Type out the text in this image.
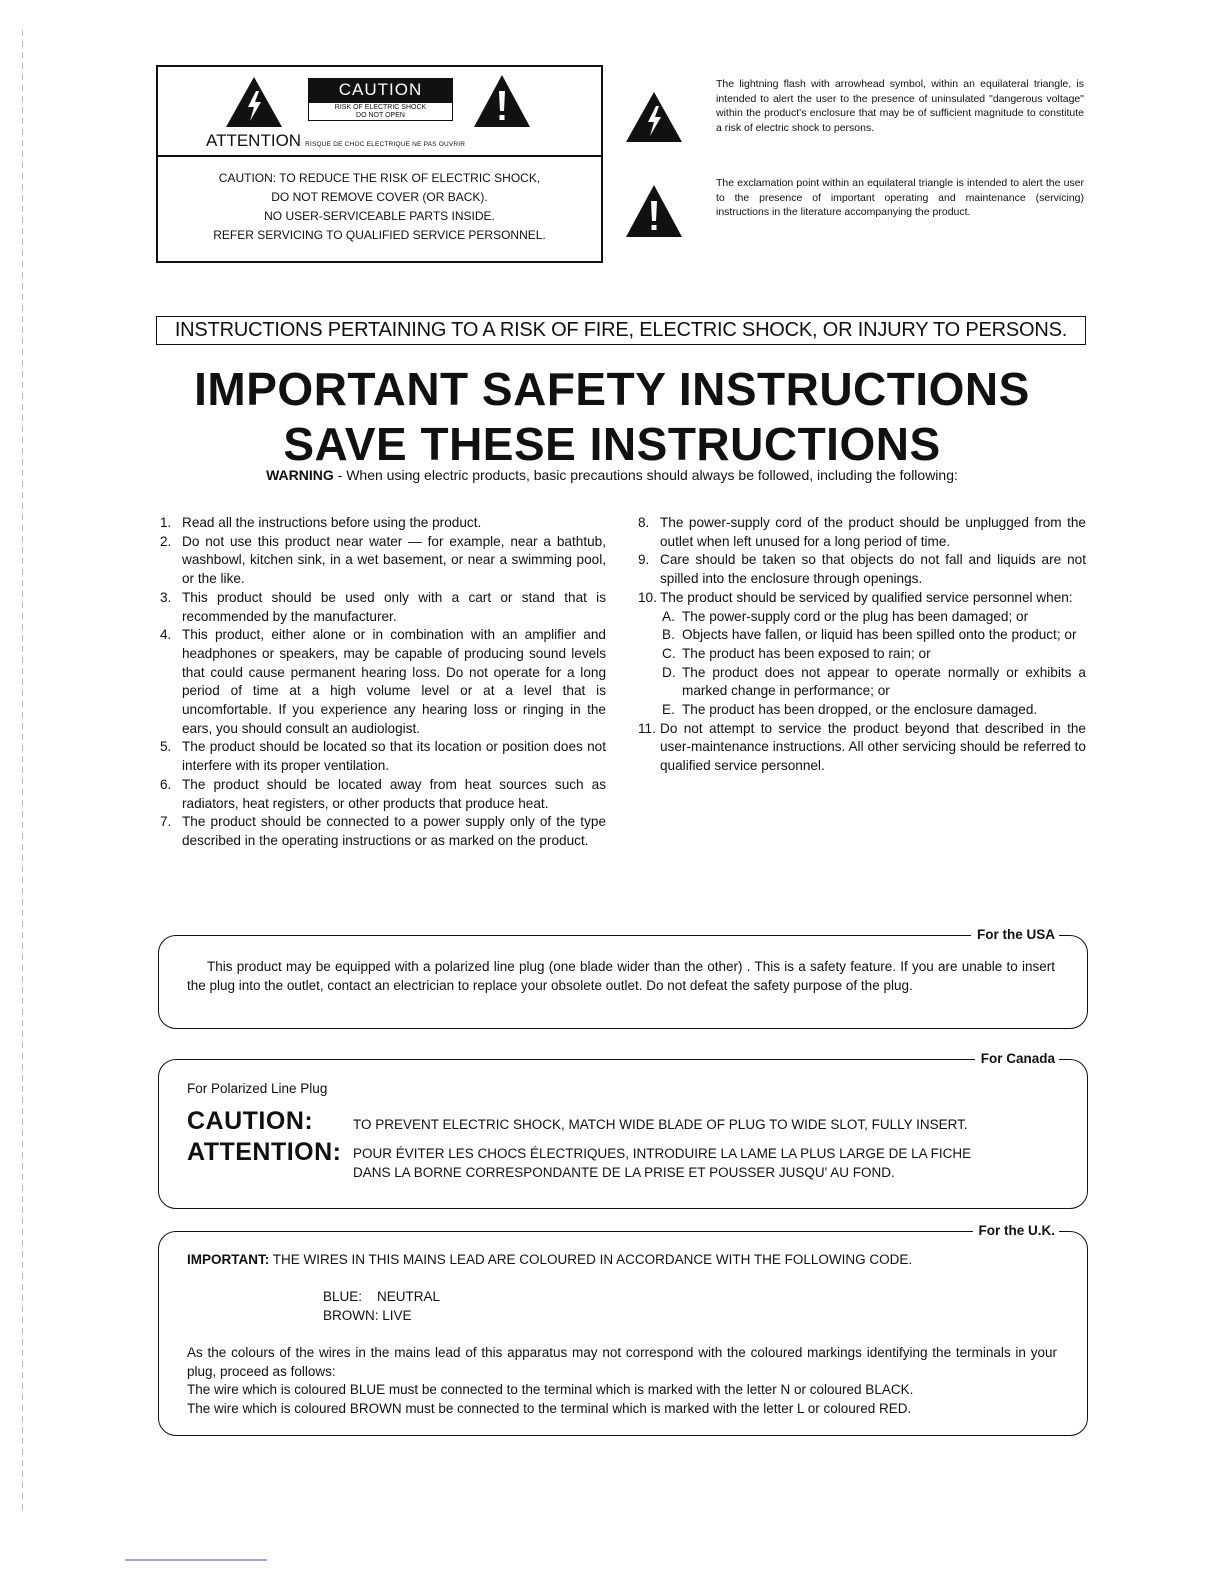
CAUTION
RISK OF ELECTRIC SHOCK
DO NOT OPEN
ATTENTION: RISQUE DE CHOC ELECTRIQUE NE PAS OUVRIR
CAUTION: TO REDUCE THE RISK OF ELECTRIC SHOCK,
DO NOT REMOVE COVER (OR BACK).
NO USER-SERVICEABLE PARTS INSIDE.
REFER SERVICING TO QUALIFIED SERVICE PERSONNEL.
The lightning flash with arrowhead symbol, within an equilateral triangle, is intended to alert the user to the presence of uninsulated "dangerous voltage" within the product's enclosure that may be of sufficient magnitude to constitute a risk of electric shock to persons.
The exclamation point within an equilateral triangle is intended to alert the user to the presence of important operating and maintenance (servicing) instructions in the literature accompanying the product.
INSTRUCTIONS PERTAINING TO A RISK OF FIRE, ELECTRIC SHOCK, OR INJURY TO PERSONS.
IMPORTANT SAFETY INSTRUCTIONS
SAVE THESE INSTRUCTIONS
WARNING - When using electric products, basic precautions should always be followed, including the following:
1. Read all the instructions before using the product.
2. Do not use this product near water — for example, near a bathtub, washbowl, kitchen sink, in a wet basement, or near a swimming pool, or the like.
3. This product should be used only with a cart or stand that is recommended by the manufacturer.
4. This product, either alone or in combination with an amplifier and headphones or speakers, may be capable of producing sound levels that could cause permanent hearing loss. Do not operate for a long period of time at a high volume level or at a level that is uncomfortable. If you experience any hearing loss or ringing in the ears, you should consult an audiologist.
5. The product should be located so that its location or position does not interfere with its proper ventilation.
6. The product should be located away from heat sources such as radiators, heat registers, or other products that produce heat.
7. The product should be connected to a power supply only of the type described in the operating instructions or as marked on the product.
8. The power-supply cord of the product should be unplugged from the outlet when left unused for a long period of time.
9. Care should be taken so that objects do not fall and liquids are not spilled into the enclosure through openings.
10. The product should be serviced by qualified service personnel when:
A. The power-supply cord or the plug has been damaged; or
B. Objects have fallen, or liquid has been spilled onto the product; or
C. The product has been exposed to rain; or
D. The product does not appear to operate normally or exhibits a marked change in performance; or
E. The product has been dropped, or the enclosure damaged.
11. Do not attempt to service the product beyond that described in the user-maintenance instructions. All other servicing should be referred to qualified service personnel.
For the USA

This product may be equipped with a polarized line plug (one blade wider than the other) . This is a safety feature. If you are unable to insert the plug into the outlet, contact an electrician to replace your obsolete outlet. Do not defeat the safety purpose of the plug.

For Canada

For Polarized Line Plug

CAUTION:	TO PREVENT ELECTRIC SHOCK, MATCH WIDE BLADE OF PLUG TO WIDE SLOT, FULLY INSERT.

ATTENTION: POUR ÉVITER LES CHOCS ÉLECTRIQUES, INTRODUIRE LA LAME LA PLUS LARGE DE LA FICHE

DANS LA BORNE CORRESPONDANTE DE LA PRISE ET POUSSER JUSQU' AU FOND.

For the U.K.

IMPORTANT: THE WIRES IN THIS MAINS LEAD ARE COLOURED IN ACCORDANCE WITH THE FOLLOWING CODE.

BLUE:    NEUTRAL

BROWN: LIVE

As the colours of the wires in the mains lead of this apparatus may not correspond with the coloured markings identifying the terminals in your plug, proceed as follows:

The wire which is coloured BLUE must be connected to the terminal which is marked with the letter N or coloured BLACK.

The wire which is coloured BROWN must be connected to the terminal which is marked with the letter L or coloured RED.
